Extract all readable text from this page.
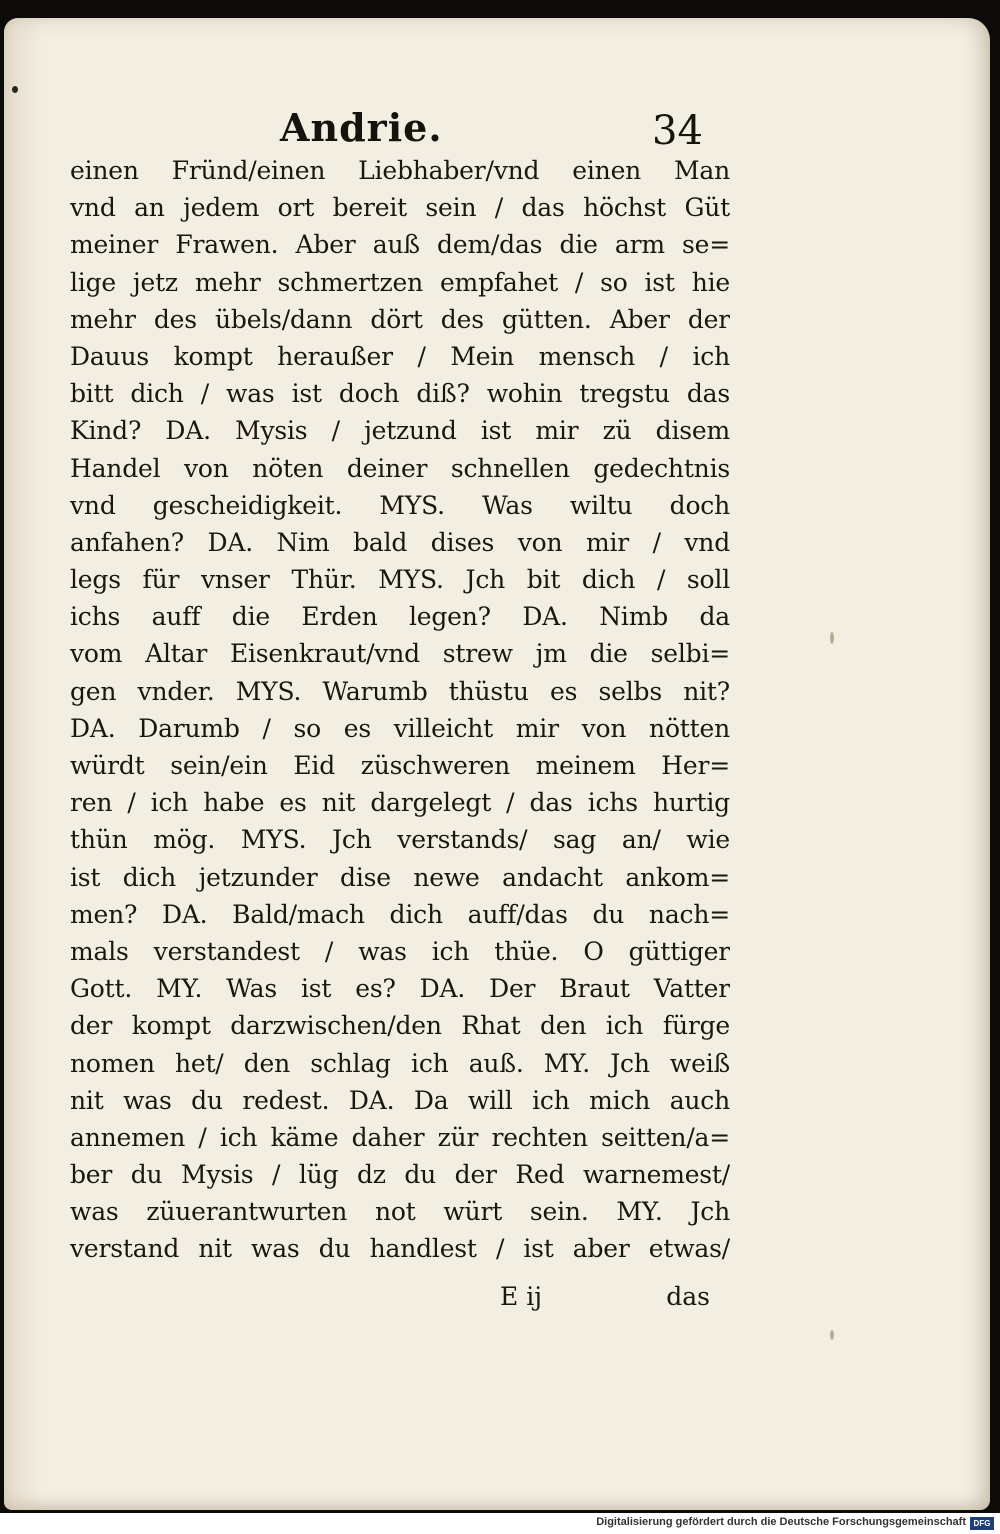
Andrie.	34
einen Fründ/einen Liebhaber/vnd einen Man
vnd an jedem ort bereit sein / das höchst Güt
meiner Frawen. Aber auß dem/das die arm se=
lige jetz mehr schmertzen empfahet / so ist hie
mehr des übels/dann dört des gütten. Aber der
Dauus kompt heraußer / Mein mensch / ich
bitt dich / was ist doch diß? wohin tregstu das
Kind? DA. Mysis / jetzund ist mir zü disem
Handel von nöten deiner schnellen gedechtnis
vnd gescheidigkeit. MYS. Was wiltu doch
anfahen? DA. Nim bald dises von mir / vnd
legs für vnser Thür. MYS. Jch bit dich / soll
ichs auff die Erden legen? DA. Nimb da
vom Altar Eisenkraut/vnd strew jm die selbi=
gen vnder. MYS. Warumb thüstu es selbs nit?
DA. Darumb / so es villeicht mir von nötten
würdt sein/ein Eid züschweren meinem Her=
ren / ich habe es nit dargelegt / das ichs hurtig
thün mög. MYS. Jch verstands/ sag an/ wie
ist dich jetzunder dise newe andacht ankom=
men? DA. Bald/mach dich auff/das du nach=
mals verstandest / was ich thüe. O güttiger
Gott. MY. Was ist es? DA. Der Braut Vatter
der kompt darzwischen/den Rhat den ich fürge
nomen het/ den schlag ich auß. MY. Jch weiß
nit was du redest. DA. Da will ich mich auch
annemen / ich käme daher zür rechten seitten/a=
ber du Mysis / lüg dz du der Red warnemest/
was züuerantwurten not würt sein. MY. Jch
verstand nit was du handlest / ist aber etwas/
E ij	das
Digitalisierung gefördert durch die Deutsche Forschungsgemeinschaft DFG
